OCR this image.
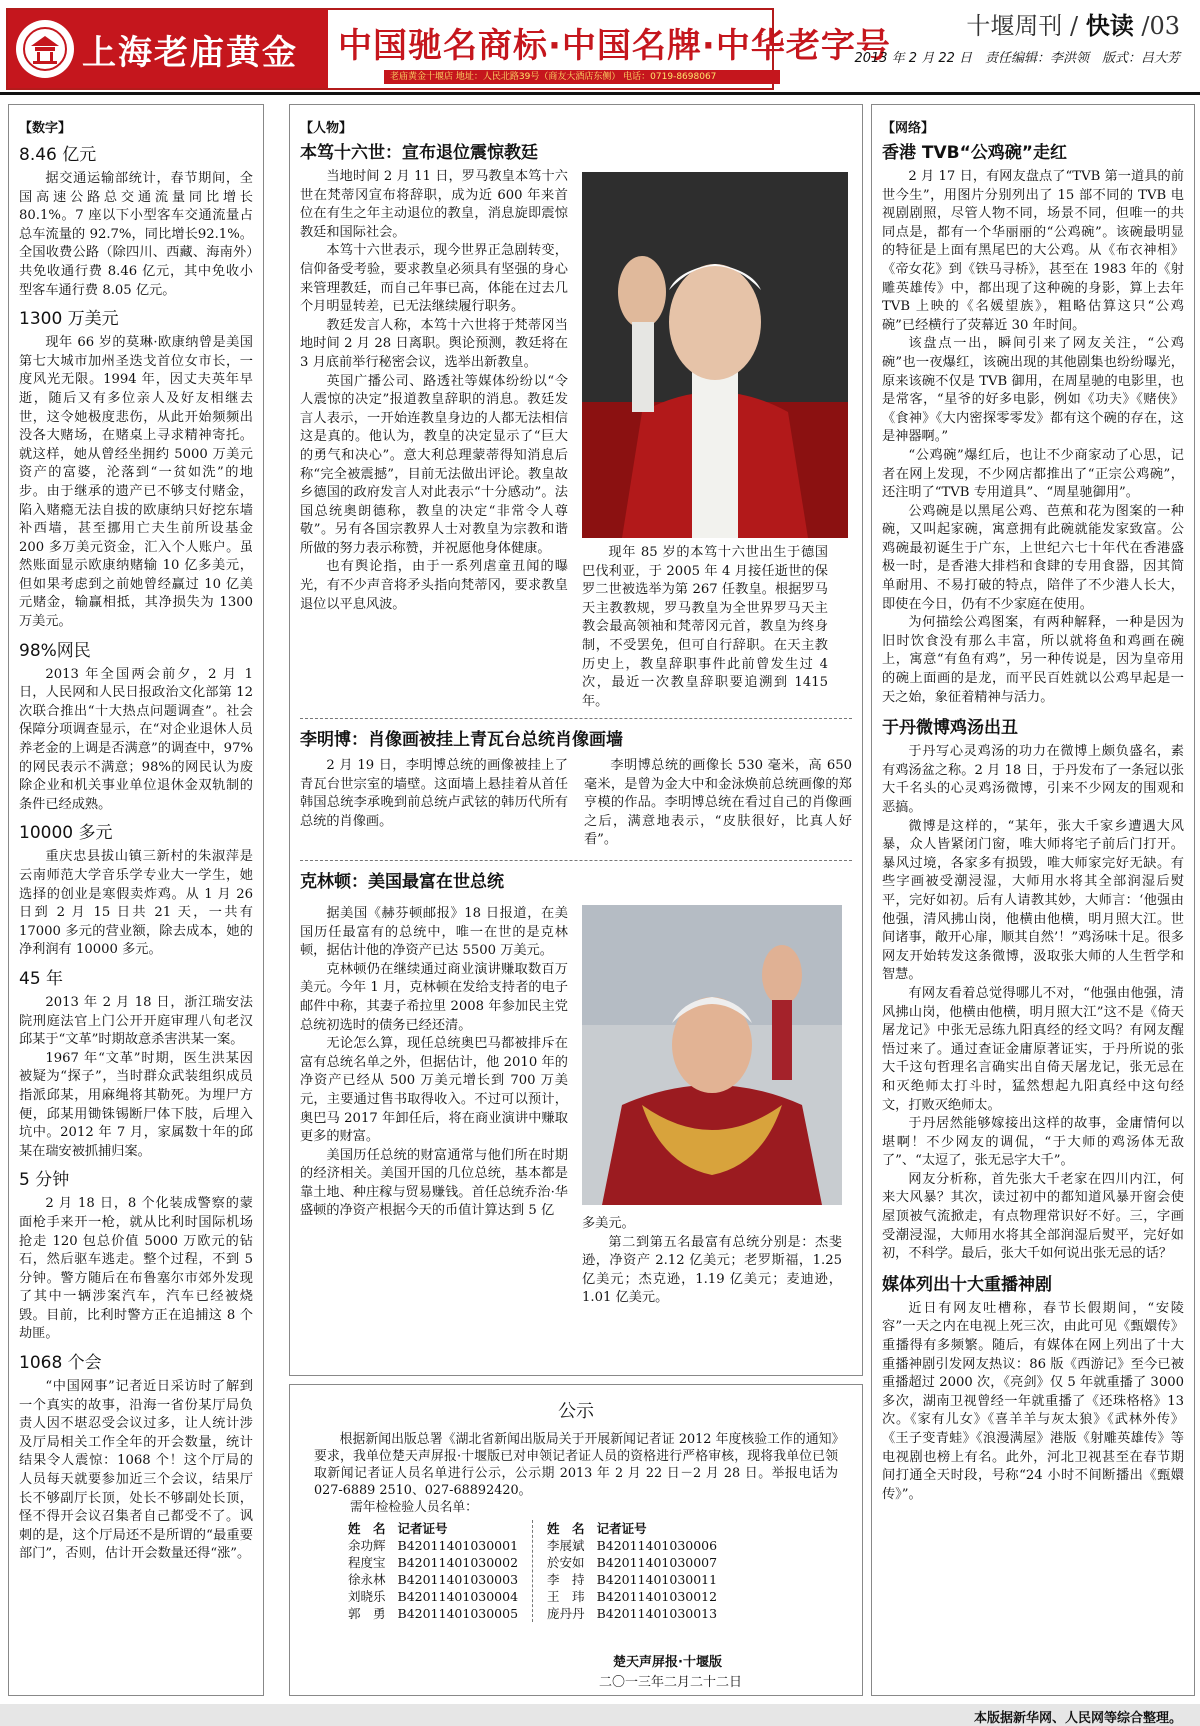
上海老庙黄金 中国驰名商标·中国名牌·中华老字号
老庙黄金十堰店 地址：人民北路39号（商友大酒店东侧） 电话：0719-8698067
十堰周刊 / 快读 /03
2013 年 2 月 22 日　责任编辑：李洪领　版式：吕大芳
【数字】
8.46 亿元
据交通运输部统计，春节期间，全国高速公路总交通流量同比增长80.1%。7 座以下小型客车交通流量占总车流量的 92.7%，同比增长92.1%。全国收费公路（除四川、西藏、海南外）共免收通行费 8.46 亿元，其中免收小型客车通行费 8.05 亿元。
1300 万美元
现年 66 岁的莫琳·欧康纳曾是美国第七大城市加州圣迭戈首位女市长，一度风光无限。1994 年，因丈夫英年早逝，随后又有多位亲人及好友相继去世，这令她极度悲伤，从此开始频频出没各大赌场，在赌桌上寻求精神寄托。就这样，她从曾经坐拥约 5000 万美元资产的富婆，沦落到“一贫如洗”的地步。由于继承的遗产已不够支付赌金，陷入赌瘾无法自拔的欧康纳只好挖东墙补西墙，甚至挪用亡夫生前所设基金 200 多万美元资金，汇入个人账户。虽然账面显示欧康纳赌输 10 亿多美元，但如果考虑到之前她曾经赢过 10 亿美元赌金，输赢相抵，其净损失为 1300 万美元。
98%网民
2013 年全国两会前夕，2 月 1 日，人民网和人民日报政治文化部第 12 次联合推出“十大热点问题调查”。社会保障分项调查显示，在“对企业退休人员养老金的上调是否满意”的调查中，97%的网民表示不满意；98%的网民认为废除企业和机关事业单位退休金双轨制的条件已经成熟。
10000 多元
重庆忠县拔山镇三新村的朱淑萍是云南师范大学音乐学专业大一学生，她选择的创业是寒假卖炸鸡。从 1 月 26 日到 2 月 15 日共 21 天，一共有 17000 多元的营业额，除去成本，她的净利润有 10000 多元。
45 年
2013 年 2 月 18 日，浙江瑞安法院刑庭法官上门公开开庭审理八旬老汉邱某于“文革”时期故意杀害洪某一案。
1967 年“文革”时期，医生洪某因被疑为“探子”，当时群众武装组织成员指派邱某，用麻绳将其勒死。为埋尸方便，邱某用锄铢锡断尸体下肢，后埋入坑中。2012 年 7 月，家属数十年的邱某在瑞安被抓捕归案。
5 分钟
2 月 18 日，8 个化装成警察的蒙面枪手来开一枪，就从比利时国际机场抢走 120 包总价值 5000 万欧元的钻石，然后驱车逃走。整个过程，不到 5 分钟。警方随后在布鲁塞尔市郊外发现了其中一辆涉案汽车，汽车已经被烧毁。目前，比利时警方正在追捕这 8 个劫匪。
1068 个会
“中国网事”记者近日采访时了解到一个真实的故事，沿海一省份某厅局负责人因不堪忍受会议过多，让人统计涉及厅局相关工作全年的开会数量，统计结果令人震惊：1068 个！这个厅局的人员每天就要参加近三个会议，结果厅长不够副厅长顶，处长不够副处长顶，怪不得开会议召集者自己都受不了。讽刺的是，这个厅局还不是所谓的“最重要部门”，否则，估计开会数量还得“涨”。
【人物】
本笃十六世：宣布退位震惊教廷
当地时间 2 月 11 日，罗马教皇本笃十六世在梵蒂冈宣布将辞职，成为近 600 年来首位在有生之年主动退位的教皇，消息旋即震惊教廷和国际社会。
本笃十六世表示，现今世界正急剧转变，信仰备受考验，要求教皇必须具有坚强的身心来管理教廷，而自己年事已高，体能在过去几个月明显转差，已无法继续履行职务。
教廷发言人称，本笃十六世将于梵蒂冈当地时间 2 月 28 日离职。舆论预测，教廷将在 3 月底前举行秘密会议，选举出新教皇。
英国广播公司、路透社等媒体纷纷以“令人震惊的决定”报道教皇辞职的消息。教廷发言人表示，一开始连教皇身边的人都无法相信这是真的。他认为，教皇的决定显示了“巨大的勇气和决心”。意大利总理蒙蒂得知消息后称“完全被震撼”，目前无法做出评论。教皇故乡德国的政府发言人对此表示“十分感动”。法国总统奥朗德称，教皇的决定“非常令人尊敬”。另有各国宗教界人士对教皇为宗教和谐所做的努力表示称赞，并祝愿他身体健康。
也有舆论指，由于一系列虐童丑闻的曝光，有不少声音将矛头指向梵蒂冈，要求教皇退位以平息风波。
现年 85 岁的本笃十六世出生于德国巴伐利亚，于 2005 年 4 月接任逝世的保罗二世被选举为第 267 任教皇。根据罗马天主教教规，罗马教皇为全世界罗马天主教会最高领袖和梵蒂冈元首，教皇为终身制，不受罢免，但可自行辞职。在天主教历史上，教皇辞职事件此前曾发生过 4 次，最近一次教皇辞职要追溯到 1415 年。
李明博：肖像画被挂上青瓦台总统肖像画墙
2 月 19 日，李明博总统的画像被挂上了青瓦台世宗室的墙壁。这面墙上悬挂着从首任韩国总统李承晚到前总统卢武铉的韩历代所有总统的肖像画。
李明博总统的画像长 530 毫米，高 650 毫米，是曾为金大中和金泳焕前总统画像的郑亨模的作品。李明博总统在看过自己的肖像画之后，满意地表示，“皮肤很好，比真人好看”。
克林顿：美国最富在世总统
据美国《赫芬顿邮报》18 日报道，在美国历任最富有的总统中，唯一在世的是克林顿，据估计他的净资产已达 5500 万美元。
克林顿仍在继续通过商业演讲赚取数百万美元。今年 1 月，克林顿在发给支持者的电子邮件中称，其妻子希拉里 2008 年参加民主党总统初选时的债务已经还清。
无论怎么算，现任总统奥巴马都被排斥在富有总统名单之外，但据估计，他 2010 年的净资产已经从 500 万美元增长到 700 万美元，主要通过售书取得收入。不过可以预计，奥巴马 2017 年卸任后，将在商业演讲中赚取更多的财富。
美国历任总统的财富通常与他们所在时期的经济相关。美国开国的几位总统，基本都是靠土地、种庄稼与贸易赚钱。首任总统乔治·华盛顿的净资产根据今天的币值计算达到 5 亿
多美元。
第二到第五名最富有总统分别是：杰斐逊，净资产 2.12 亿美元；老罗斯福，1.25 亿美元；杰克逊，1.19 亿美元；麦迪逊，1.01 亿美元。
公示
根据新闻出版总署《湖北省新闻出版局关于开展新闻记者证 2012 年度核验工作的通知》要求，我单位楚天声屏报·十堰版已对申领记者证人员的资格进行严格审核，现将我单位已领取新闻记者证人员名单进行公示，公示期 2013 年 2 月 22 日－2 月 28 日。举报电话为 027-6889 2510、027-68892420。
需年检检验人员名单：
姓　名	记者证号
余功辉	B42011401030001
程度宝	B42011401030002
徐永林	B42011401030003
刘晓乐	B42011401030004
郭　勇	B42011401030005
姓　名	记者证号
李展斌	B42011401030006
於安如	B42011401030007
李　持	B42011401030011
王　玮	B42011401030012
庞丹丹	B42011401030013
楚天声屏报·十堰版
二〇一三年二月二十二日
【网络】
香港 TVB“公鸡碗”走红
2 月 17 日，有网友盘点了“TVB 第一道具的前世今生”，用图片分别列出了 15 部不同的 TVB 电视剧剧照，尽管人物不同，场景不同，但唯一的共同点是，都有一个华丽丽的“公鸡碗”。该碗最明显的特征是上面有黑尾巴的大公鸡。从《布衣神相》《帝女花》到《铁马寻桥》，甚至在 1983 年的《射雕英雄传》中，都出现了这种碗的身影，算上去年 TVB 上映的《名媛望族》，粗略估算这只“公鸡碗”已经横行了荧幕近 30 年时间。
该盘点一出，瞬间引来了网友关注，“公鸡碗”也一夜爆红，该碗出现的其他剧集也纷纷曝光，原来该碗不仅是 TVB 御用，在周星驰的电影里，也是常客，“星爷的好多电影，例如《功夫》《赌侠》《食神》《大内密探零零发》都有这个碗的存在，这是神器啊。”
“公鸡碗”爆红后，也让不少商家动了心思，记者在网上发现，不少网店都推出了“正宗公鸡碗”，还注明了“TVB 专用道具”、“周星驰御用”。
公鸡碗是以黑尾公鸡、芭蕉和花为图案的一种碗，又叫起家碗，寓意拥有此碗就能发家致富。公鸡碗最初诞生于广东，上世纪六七十年代在香港盛极一时，是香港大排档和食肆的专用食器，因其简单耐用、不易打破的特点，陪伴了不少港人长大，即使在今日，仍有不少家庭在使用。
为何描绘公鸡图案，有两种解释，一种是因为旧时饮食没有那么丰富，所以就将鱼和鸡画在碗上，寓意“有鱼有鸡”，另一种传说是，因为皇帝用的碗上面画的是龙，而平民百姓就以公鸡早起是一天之始，象征着精神与活力。
于丹微博鸡汤出丑
于丹写心灵鸡汤的功力在微博上颇负盛名，素有鸡汤盆之称。2 月 18 日，于丹发布了一条冠以张大千名头的心灵鸡汤微博，引来不少网友的围观和恶搞。
微博是这样的，“某年，张大千家乡遭遇大风暴，众人皆紧闭门窗，唯大师将宅子前后门打开。暴风过境，各家多有损毁，唯大师家完好无缺。有些字画被受潮浸湿，大师用水将其全部润湿后熨平，完好如初。后有人请教其妙，大师言：‘他强由他强，清风拂山岗，他横由他横，明月照大江。世间诸事，敞开心扉，顺其自然’！”鸡汤味十足。很多网友开始转发这条微博，汲取张大师的人生哲学和智慧。
有网友看着总觉得哪儿不对，“他强由他强，清风拂山岗，他横由他横，明月照大江”这不是《倚天屠龙记》中张无忌练九阳真经的经文吗？有网友醒悟过来了。通过查证金庸原著证实，于丹所说的张大千这句哲理名言确实出自倚天屠龙记，张无忌在和灭绝师太打斗时，猛然想起九阳真经中这句经文，打败灭绝师太。
于丹居然能够嫁接出这样的故事，金庸情何以堪啊！不少网友的调侃，“于大师的鸡汤体无敌了”、“太逗了，张无忌字大千”。
网友分析称，首先张大千老家在四川内江，何来大风暴？其次，读过初中的都知道风暴开窗会使屋顶被气流掀走，有点物理常识好不好。三，字画受潮浸湿，大师用水将其全部润湿后熨平，完好如初，不科学。最后，张大千如何说出张无忌的话？
媒体列出十大重播神剧
近日有网友吐槽称，春节长假期间，“安陵容”一天之内在电视上死三次，由此可见《甄嬛传》重播得有多频繁。随后，有媒体在网上列出了十大重播神剧引发网友热议：86 版《西游记》至今已被重播超过 2000 次，《亮剑》仅 5 年就重播了 3000 多次，湖南卫视曾经一年就重播了《还珠格格》13 次。《家有儿女》《喜羊羊与灰太狼》《武林外传》《王子变青蛙》《浪漫满屋》港版《射雕英雄传》等电视剧也榜上有名。此外，河北卫视甚至在春节期间打通全天时段，号称“24 小时不间断播出《甄嬛传》”。
本版据新华网、人民网等综合整理。
